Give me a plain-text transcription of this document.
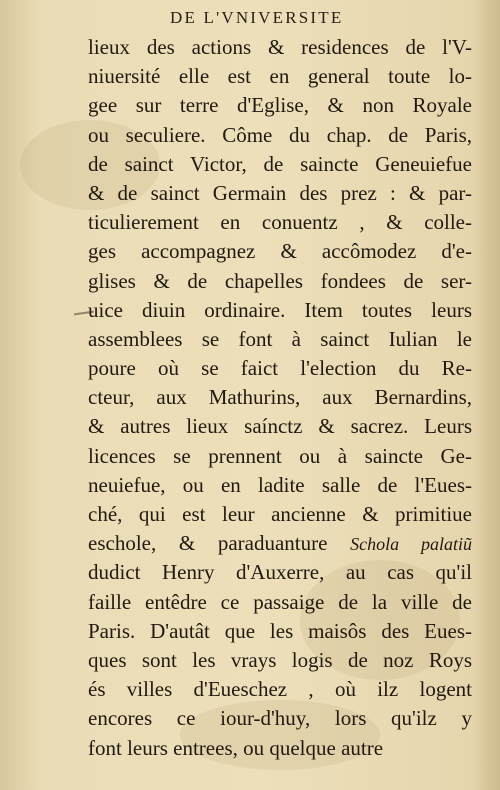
DE L'VNIVERSITE
lieux des actions & residences de l'V-
niuersité elle est en general toute lo-
gee sur terre d'Eglise, & non Royale
ou seculiere. Côme du chap. de Paris,
de sainct Victor, de saincte Geneuiefue
& de sainct Germain des prez : & par-
ticulierement en conuentz , & colle-
ges accompagnez & accômodez d'e-
glises & de chapelles fondees de ser-
uice diuin ordinaire. Item toutes leurs
assemblees se font à sainct Iulian le
poure où se faict l'election du Re-
cteur, aux Mathurins, aux Bernardins,
& autres lieux saínctz & sacrez. Leurs
licences se prennent ou à saincte Ge-
neuiefue, ou en ladite salle de l'Eues-
ché, qui est leur ancienne & primitiue
eschole, & paraduanture Schola palatiũ
dudict Henry d'Auxerre, au cas qu'il
faille entêdre ce passaige de la ville de
Paris. D'autât que les maisôs des Eues-
ques sont les vrays logis de noz Roys
és villes d'Eueschez , où ilz logent
encores ce iour-d'huy, lors qu'ilz y
font leurs entrees, ou quelque autre
